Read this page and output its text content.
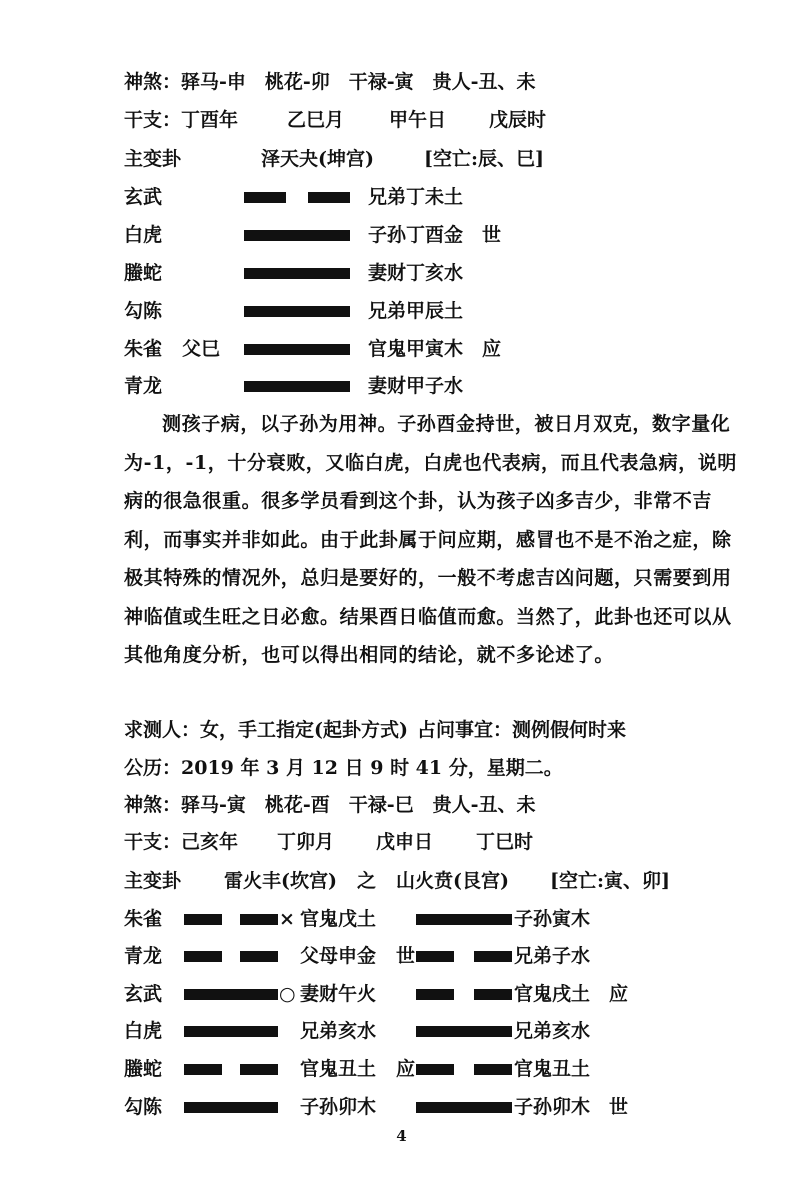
神煞：驿马-申　桃花-卯　干禄-寅　贵人-丑、未
干支：丁酉年	乙巳月 甲午日 戊辰时
主变卦	泽天夬(坤宫)	[空亡:辰、巳]
玄武	兄弟丁未土
白虎	子孙丁酉金　世
螣蛇	妻财丁亥水
勾陈	兄弟甲辰土
朱雀 父巳	官鬼甲寅木　应
青龙	妻财甲子水

测孩子病，以子孙为用神。子孙酉金持世，被日月双克，数字量化为-1，-1，十分衰败，又临白虎，白虎也代表病，而且代表急病，说明病的很急很重。很多学员看到这个卦，认为孩子凶多吉少，非常不吉利，而事实并非如此。由于此卦属于问应期，感冒也不是不治之症，除极其特殊的情况外，总归是要好的，一般不考虑吉凶问题，只需要到用神临值或生旺之日必愈。结果酉日临值而愈。当然了，此卦也还可以从其他角度分析，也可以得出相同的结论，就不多论述了。

求测人：女，手工指定(起卦方式) 占问事宜：测例假何时来
公历：2019 年 3 月 12 日 9 时 41 分，星期二。
神煞：驿马-寅　桃花-酉　干禄-巳　贵人-丑、未
干支：己亥年 丁卯月 戊申日 丁巳时
主变卦 雷火丰(坎宫) 之 山火贲(艮宫) [空亡:寅、卯]
朱雀	× 官鬼戊土	子孙寅木
青龙	父母申金 世	兄弟子水
玄武	○ 妻财午火	官鬼戌土　应
白虎	兄弟亥水	兄弟亥水
螣蛇	官鬼丑土 应	官鬼丑土
勾陈	子孙卯木	子孙卯木　世
4
